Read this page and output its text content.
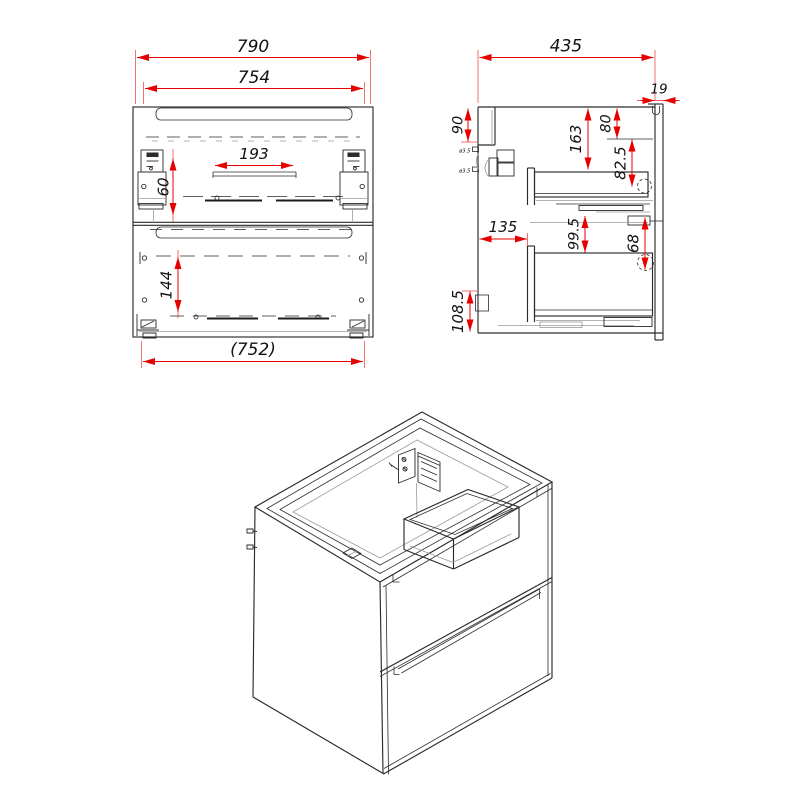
790
754
193
60
144
(752)
ø3.5
ø3.5
435
19
90	163
80
82.5
135	99.5	68
108.5
